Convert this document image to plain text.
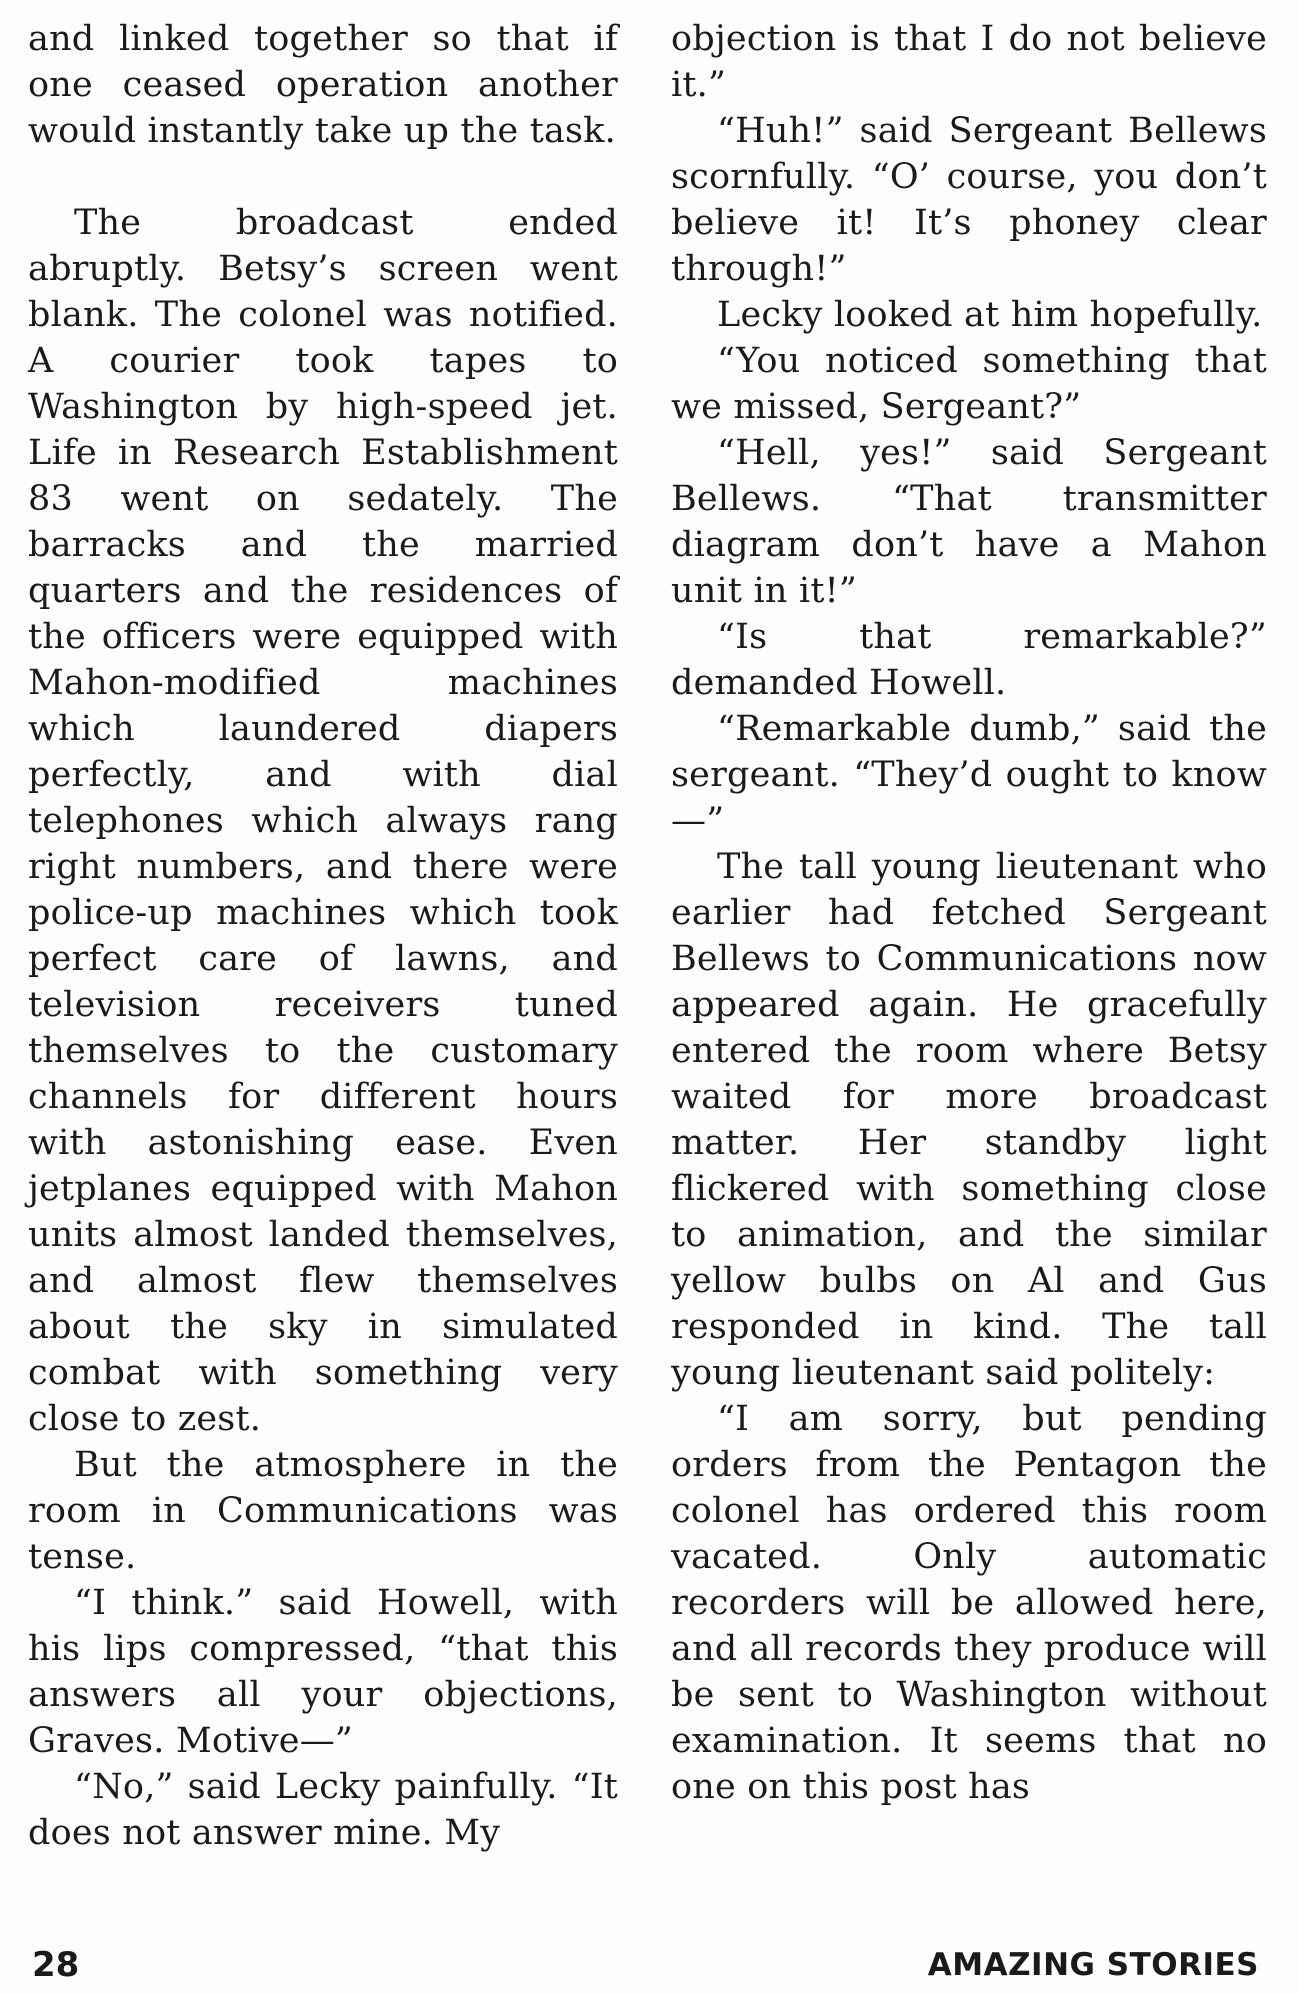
and linked together so that if one ceased operation another would instantly take up the task.

The broadcast ended abruptly. Betsy’s screen went blank. The colonel was notified. A courier took tapes to Washington by high-speed jet. Life in Research Establishment 83 went on sedately. The barracks and the married quarters and the residences of the officers were equipped with Mahon-modified machines which laundered diapers perfectly, and with dial telephones which always rang right numbers, and there were police-up machines which took perfect care of lawns, and television receivers tuned themselves to the customary channels for different hours with astonishing ease. Even jetplanes equipped with Mahon units almost landed themselves, and almost flew themselves about the sky in simulated combat with something very close to zest.

But the atmosphere in the room in Communications was tense.

“I think.” said Howell, with his lips compressed, “that this answers all your objections, Graves. Motive—”

“No,” said Lecky painfully. “It does not answer mine. My

objection is that I do not believe it.”

“Huh!” said Sergeant Bellews scornfully. “O’ course, you don’t believe it! It’s phoney clear through!”

Lecky looked at him hopefully.

“You noticed something that we missed, Sergeant?”

“Hell, yes!” said Sergeant Bellews. “That transmitter diagram don’t have a Mahon unit in it!”

“Is that remarkable?” demanded Howell.

“Remarkable dumb,” said the sergeant. “They’d ought to know—”

The tall young lieutenant who earlier had fetched Sergeant Bellews to Communications now appeared again. He gracefully entered the room where Betsy waited for more broadcast matter. Her standby light flickered with something close to animation, and the similar yellow bulbs on Al and Gus responded in kind. The tall young lieutenant said politely:

“I am sorry, but pending orders from the Pentagon the colonel has ordered this room vacated. Only automatic recorders will be allowed here, and all records they produce will be sent to Washington without examination. It seems that no one on this post has

28	AMAZING STORIES
